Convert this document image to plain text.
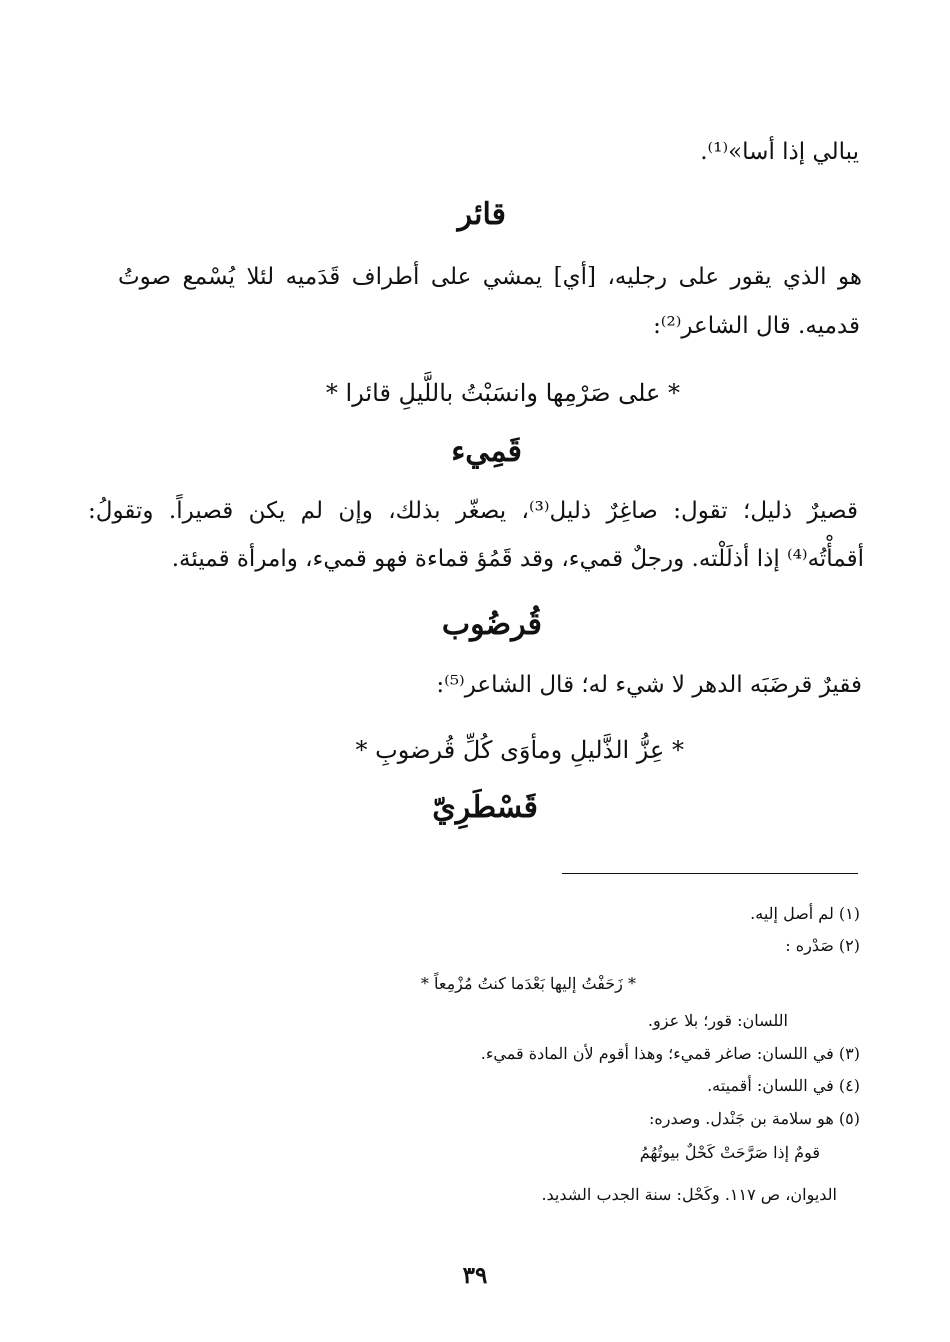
يبالي إذا أسا»⁽¹⁾.
قائر
هو الذي يقور على رجليه، [أي] يمشي على أطراف قَدَميه لئلا يُسْمع صوتُ
قدميه. قال الشاعر⁽²⁾:
* على صَرْمِها وانسَبْتُ باللَّيلِ قائرا *
قَمِيء
قصيرٌ ذليل؛ تقول: صاغِرٌ ذليل⁽³⁾، يصغّر بذلك، وإن لم يكن قصيراً. وتقولُ:
أقمأْتُه⁽⁴⁾ إذا أذلَلْته. ورجلٌ قميء، وقد قَمُؤ قماءة فهو قميء، وامرأة قميئة.
قُرضُوب
فقيرٌ قرضَبَه الدهر لا شيء له؛ قال الشاعر⁽⁵⁾:
* عِزُّ الذَّليلِ ومأوَى كُلِّ قُرضوبِ *
قَسْطَرِيّ
(١) لم أصل إليه.
(٢) صَدْره :
* زَحَفْتُ إليها بَعْدَما كنتُ مُزْمِعاً *
اللسان: قور؛ بلا عزو.
(٣) في اللسان: صاغر قميء؛ وهذا أقوم لأن المادة قميء.
(٤) في اللسان: أقميته.
(٥) هو سلامة بن جَنْدل. وصدره:
قومٌ إذا صَرَّحَتْ كَحْلٌ بيوتُهُمُ
الديوان، ص ١١٧. وكَحْل: سنة الجدب الشديد.
٣٩
